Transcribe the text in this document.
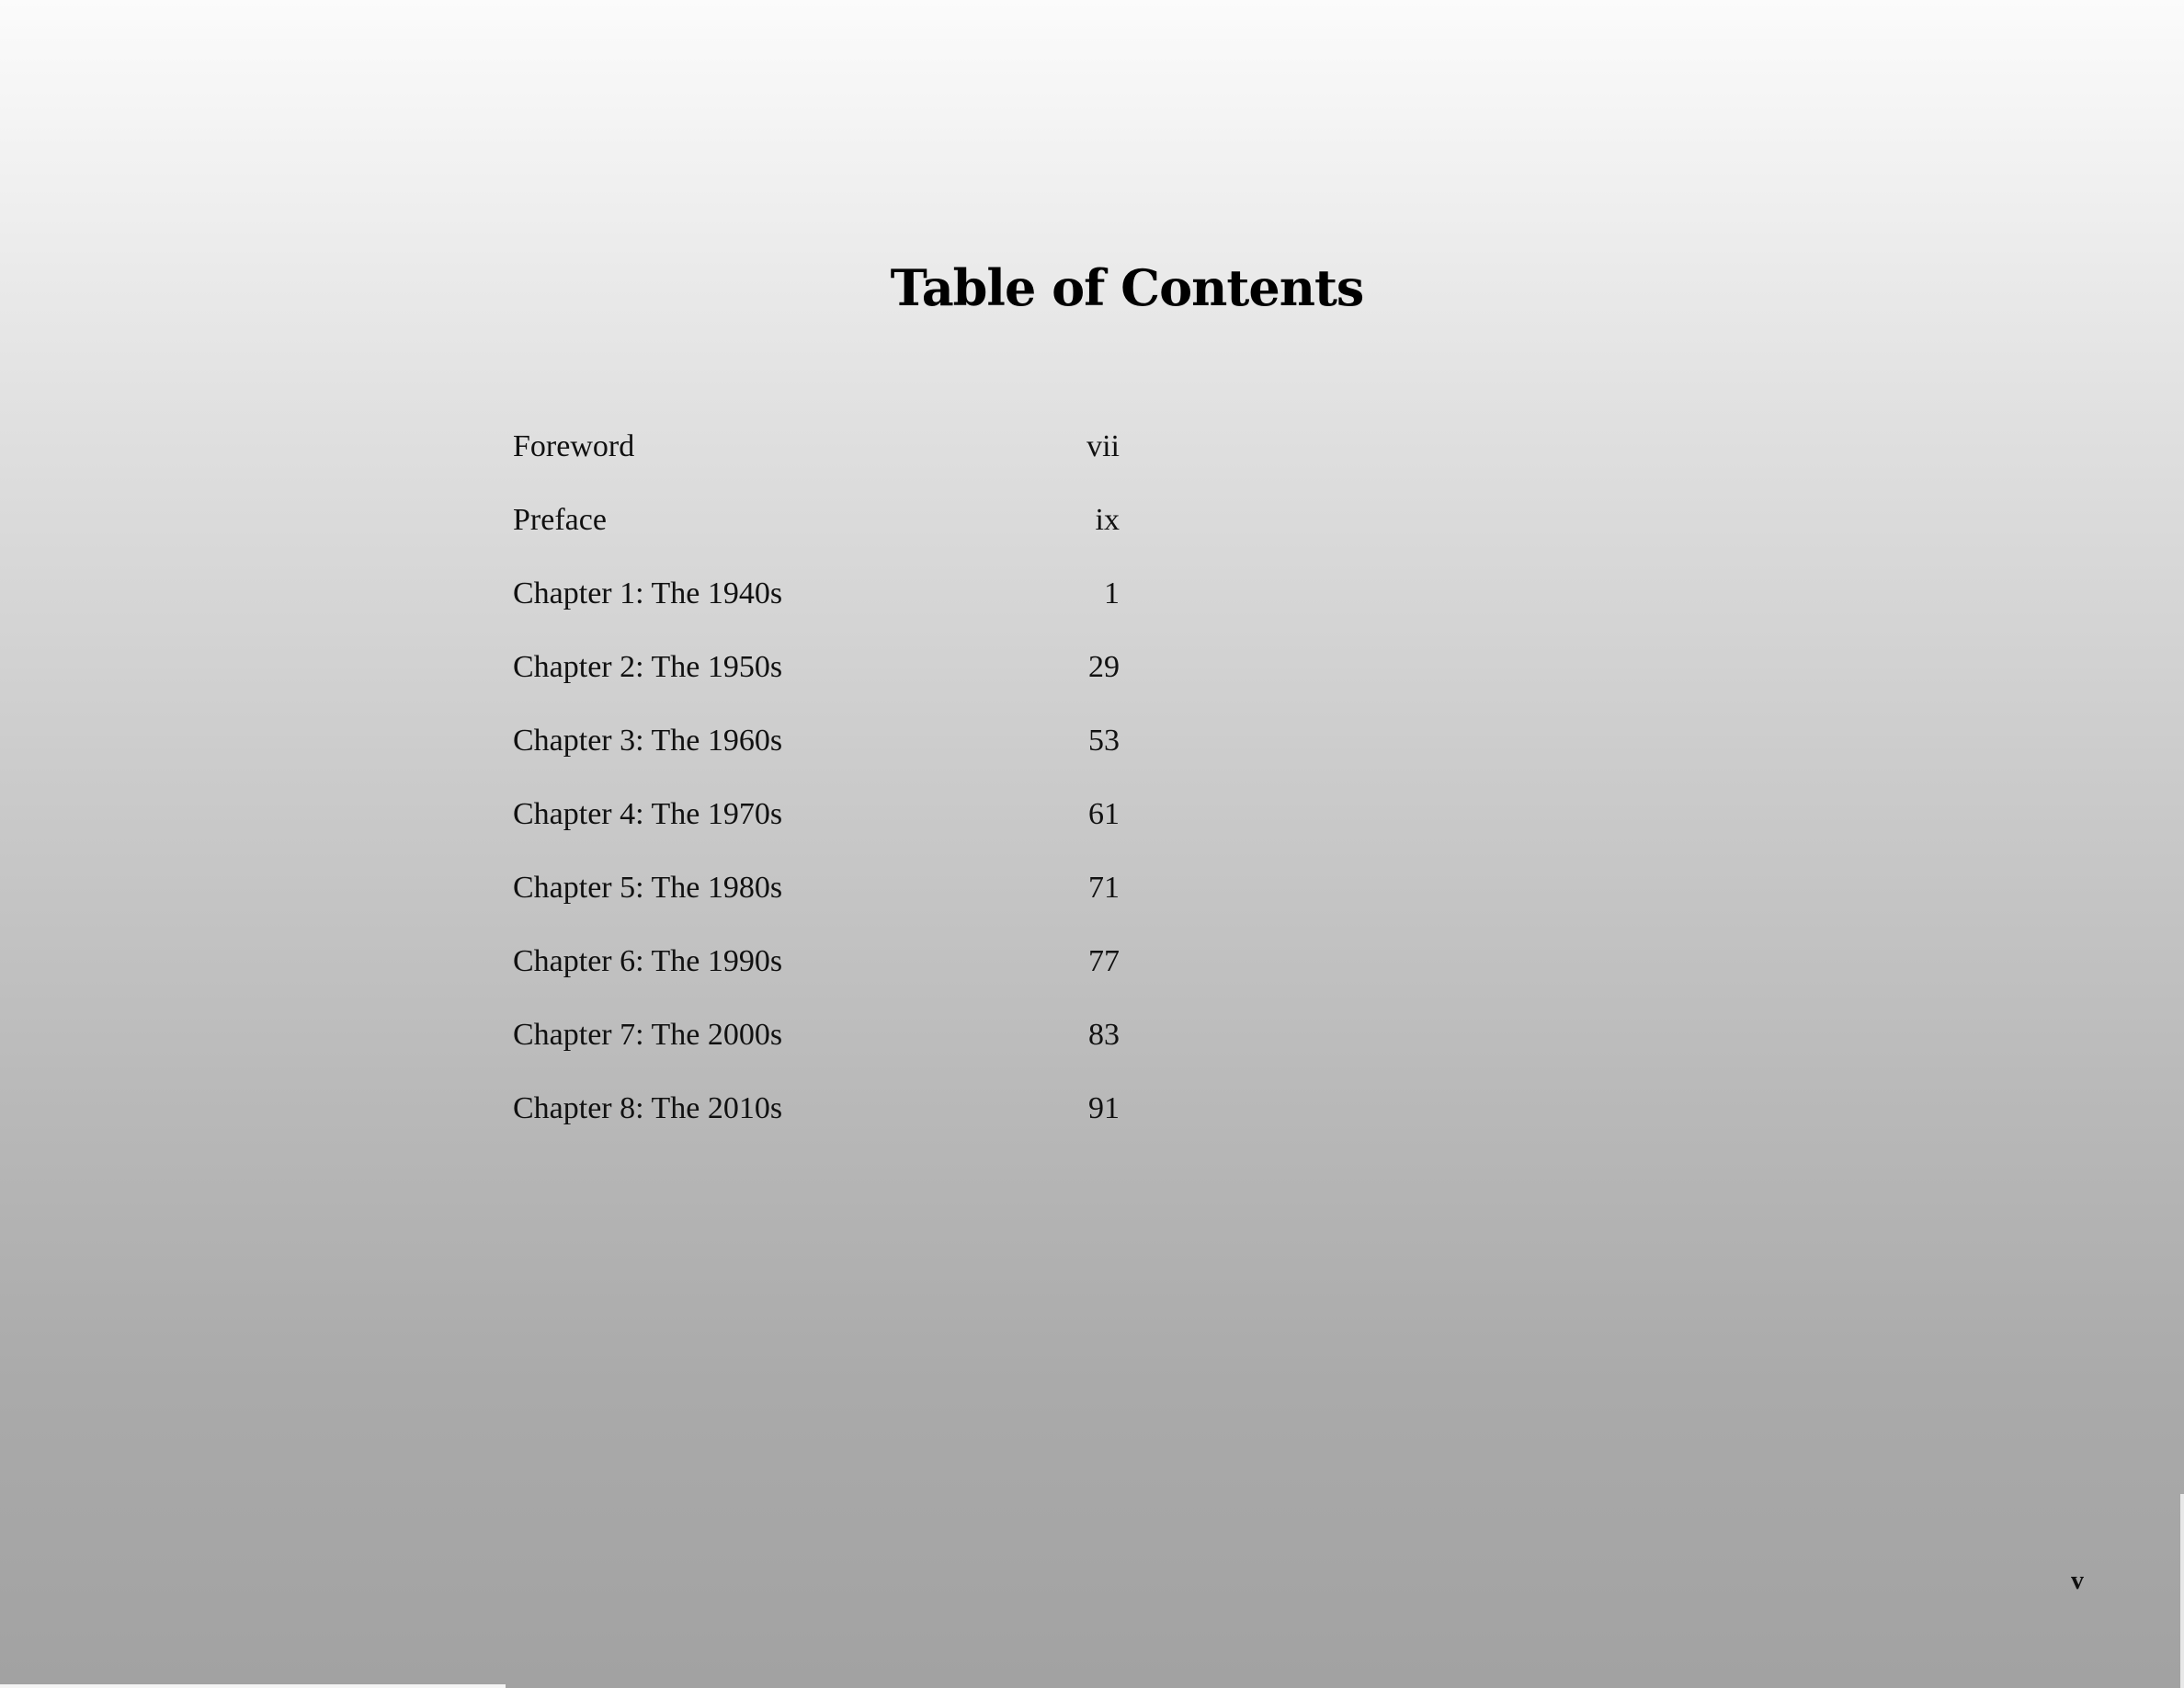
Table of Contents
Foreword	vii
Preface	ix
Chapter 1: The 1940s	1
Chapter 2: The 1950s	29
Chapter 3: The 1960s	53
Chapter 4: The 1970s	61
Chapter 5: The 1980s	71
Chapter 6: The 1990s	77
Chapter 7: The 2000s	83
Chapter 8: The 2010s	91
v
